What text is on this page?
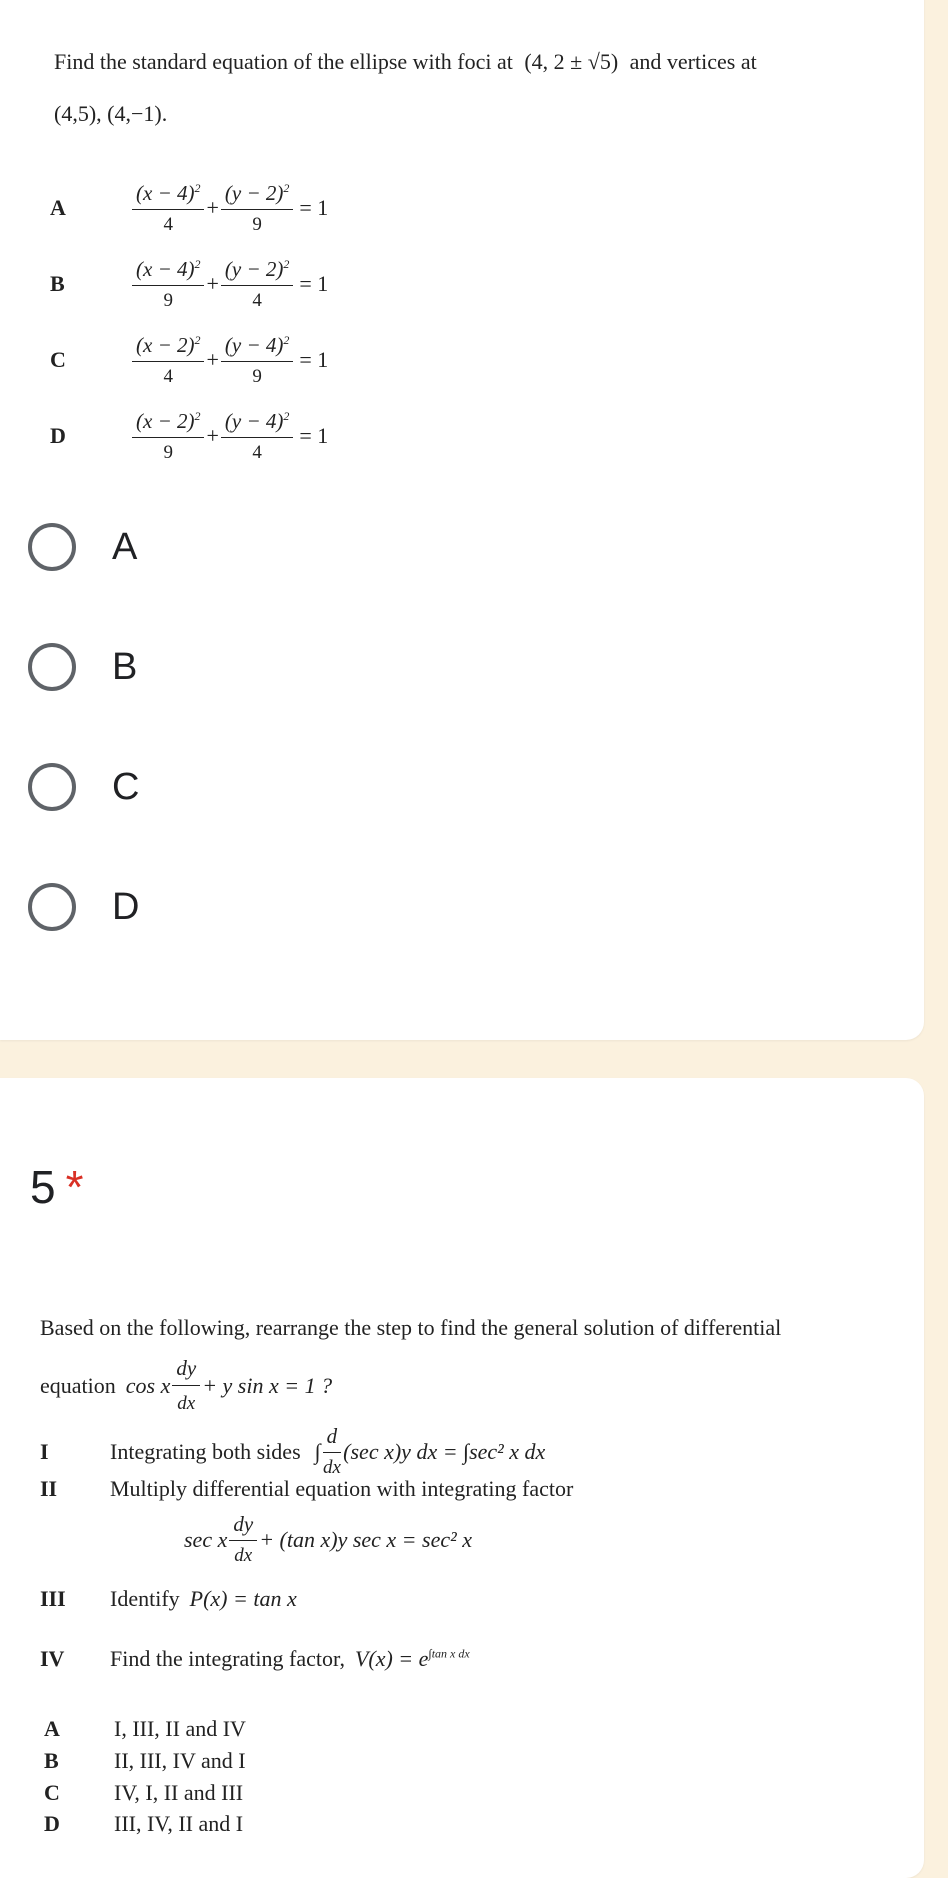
Find the standard equation of the ellipse with foci at (4, 2 ± √5) and vertices at
(4,5), (4,−1).
A	$\frac{(x - 4)^2}{4} + \frac{(y - 2)^2}{9} = 1$
B	$\frac{(x - 4)^2}{9} + \frac{(y - 2)^2}{4} = 1$
C	$\frac{(x - 2)^2}{4} + \frac{(y - 4)^2}{9} = 1$
D	$\frac{(x - 2)^2}{9} + \frac{(y - 4)^2}{4} = 1$
A
B
C
D
5 *
Based on the following, rearrange the step to find the general solution of differential
equation cos x $\frac{dy}{dx} + y$ sin x = 1 ?
I	Integrating both sides ∫ $\frac{d}{dx} (\sec$ x)y dx = ∫sec² x dx
II	Multiply differential equation with integrating factor
sec x $\frac{dy}{dx} + (\tan$ x)y sec x = sec² x
III	Identify P(x) = tan x
IV	Find the integrating factor, $V(x) = e^{\int tan x dx}$
A	I, III, II and IV
B	II, III, IV and I
C	IV, I, II and III
D	III, IV, II and I
